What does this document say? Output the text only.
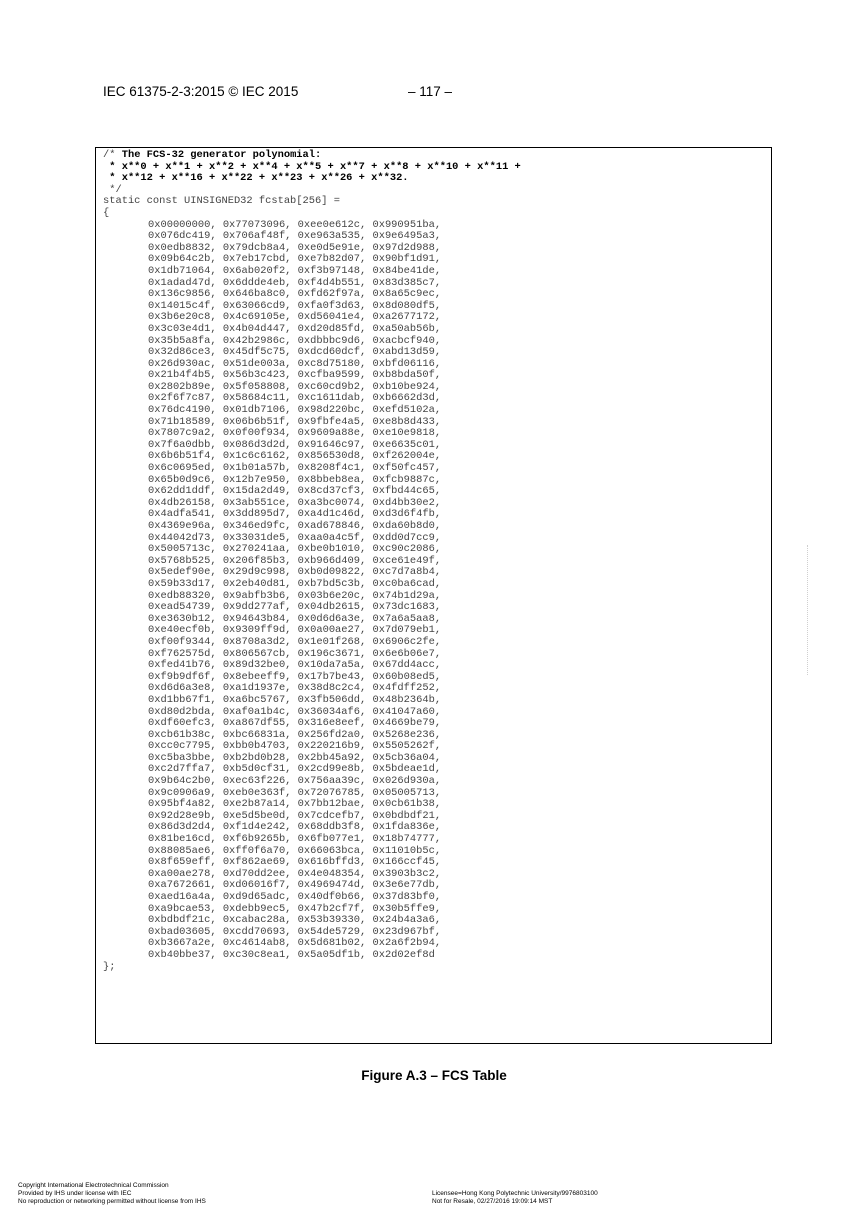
IEC 61375-2-3:2015 © IEC 2015	– 117 –
/* The FCS-32 generator polynomial:
* x**0 + x**1 + x**2 + x**4 + x**5 + x**7 + x**8 + x**10 + x**11 +
* x**12 + x**16 + x**22 + x**23 + x**26 + x**32.
*/
static const UINSIGNED32 fcstab[256] =
{
0x00000000, 0x77073096, 0xee0e612c, 0x990951ba,
0x076dc419, 0x706af48f, 0xe963a535, 0x9e6495a3,
0x0edb8832, 0x79dcb8a4, 0xe0d5e91e, 0x97d2d988,
0x09b64c2b, 0x7eb17cbd, 0xe7b82d07, 0x90bf1d91,
0x1db71064, 0x6ab020f2, 0xf3b97148, 0x84be41de,
0x1adad47d, 0x6ddde4eb, 0xf4d4b551, 0x83d385c7,
0x136c9856, 0x646ba8c0, 0xfd62f97a, 0x8a65c9ec,
0x14015c4f, 0x63066cd9, 0xfa0f3d63, 0x8d080df5,
0x3b6e20c8, 0x4c69105e, 0xd56041e4, 0xa2677172,
0x3c03e4d1, 0x4b04d447, 0xd20d85fd, 0xa50ab56b,
0x35b5a8fa, 0x42b2986c, 0xdbbbc9d6, 0xacbcf940,
0x32d86ce3, 0x45df5c75, 0xdcd60dcf, 0xabd13d59,
0x26d930ac, 0x51de003a, 0xc8d75180, 0xbfd06116,
0x21b4f4b5, 0x56b3c423, 0xcfba9599, 0xb8bda50f,
0x2802b89e, 0x5f058808, 0xc60cd9b2, 0xb10be924,
0x2f6f7c87, 0x58684c11, 0xc1611dab, 0xb6662d3d,
0x76dc4190, 0x01db7106, 0x98d220bc, 0xefd5102a,
0x71b18589, 0x06b6b51f, 0x9fbfe4a5, 0xe8b8d433,
0x7807c9a2, 0x0f00f934, 0x9609a88e, 0xe10e9818,
0x7f6a0dbb, 0x086d3d2d, 0x91646c97, 0xe6635c01,
0x6b6b51f4, 0x1c6c6162, 0x856530d8, 0xf262004e,
0x6c0695ed, 0x1b01a57b, 0x8208f4c1, 0xf50fc457,
0x65b0d9c6, 0x12b7e950, 0x8bbeb8ea, 0xfcb9887c,
0x62dd1ddf, 0x15da2d49, 0x8cd37cf3, 0xfbd44c65,
0x4db26158, 0x3ab551ce, 0xa3bc0074, 0xd4bb30e2,
0x4adfa541, 0x3dd895d7, 0xa4d1c46d, 0xd3d6f4fb,
0x4369e96a, 0x346ed9fc, 0xad678846, 0xda60b8d0,
0x44042d73, 0x33031de5, 0xaa0a4c5f, 0xdd0d7cc9,
0x5005713c, 0x270241aa, 0xbe0b1010, 0xc90c2086,
0x5768b525, 0x206f85b3, 0xb966d409, 0xce61e49f,
0x5edef90e, 0x29d9c998, 0xb0d09822, 0xc7d7a8b4,
0x59b33d17, 0x2eb40d81, 0xb7bd5c3b, 0xc0ba6cad,
0xedb88320, 0x9abfb3b6, 0x03b6e20c, 0x74b1d29a,
0xead54739, 0x9dd277af, 0x04db2615, 0x73dc1683,
0xe3630b12, 0x94643b84, 0x0d6d6a3e, 0x7a6a5aa8,
0xe40ecf0b, 0x9309ff9d, 0x0a00ae27, 0x7d079eb1,
0xf00f9344, 0x8708a3d2, 0x1e01f268, 0x6906c2fe,
0xf762575d, 0x806567cb, 0x196c3671, 0x6e6b06e7,
0xfed41b76, 0x89d32be0, 0x10da7a5a, 0x67dd4acc,
0xf9b9df6f, 0x8ebeeff9, 0x17b7be43, 0x60b08ed5,
0xd6d6a3e8, 0xa1d1937e, 0x38d8c2c4, 0x4fdff252,
0xd1bb67f1, 0xa6bc5767, 0x3fb506dd, 0x48b2364b,
0xd80d2bda, 0xaf0a1b4c, 0x36034af6, 0x41047a60,
0xdf60efc3, 0xa867df55, 0x316e8eef, 0x4669be79,
0xcb61b38c, 0xbc66831a, 0x256fd2a0, 0x5268e236,
0xcc0c7795, 0xbb0b4703, 0x220216b9, 0x5505262f,
0xc5ba3bbe, 0xb2bd0b28, 0x2bb45a92, 0x5cb36a04,
0xc2d7ffa7, 0xb5d0cf31, 0x2cd99e8b, 0x5bdeae1d,
0x9b64c2b0, 0xec63f226, 0x756aa39c, 0x026d930a,
0x9c0906a9, 0xeb0e363f, 0x72076785, 0x05005713,
0x95bf4a82, 0xe2b87a14, 0x7bb12bae, 0x0cb61b38,
0x92d28e9b, 0xe5d5be0d, 0x7cdcefb7, 0x0bdbdf21,
0x86d3d2d4, 0xf1d4e242, 0x68ddb3f8, 0x1fda836e,
0x81be16cd, 0xf6b9265b, 0x6fb077e1, 0x18b74777,
0x88085ae6, 0xff0f6a70, 0x66063bca, 0x11010b5c,
0x8f659eff, 0xf862ae69, 0x616bffd3, 0x166ccf45,
0xa00ae278, 0xd70dd2ee, 0x4e048354, 0x3903b3c2,
0xa7672661, 0xd06016f7, 0x4969474d, 0x3e6e77db,
0xaed16a4a, 0xd9d65adc, 0x40df0b66, 0x37d83bf0,
0xa9bcae53, 0xdebb9ec5, 0x47b2cf7f, 0x30b5ffe9,
0xbdbdf21c, 0xcabac28a, 0x53b39330, 0x24b4a3a6,
0xbad03605, 0xcdd70693, 0x54de5729, 0x23d967bf,
0xb3667a2e, 0xc4614ab8, 0x5d681b02, 0x2a6f2b94,
0xb40bbe37, 0xc30c8ea1, 0x5a05df1b, 0x2d02ef8d
};
Figure A.3 – FCS Table
Copyright International Electrotechnical Commission
Provided by IHS under license with IEC
No reproduction or networking permitted without license from IHS
Licensee=Hong Kong Polytechnic University/9976803100
Not for Resale, 02/27/2016 19:09:14 MST
